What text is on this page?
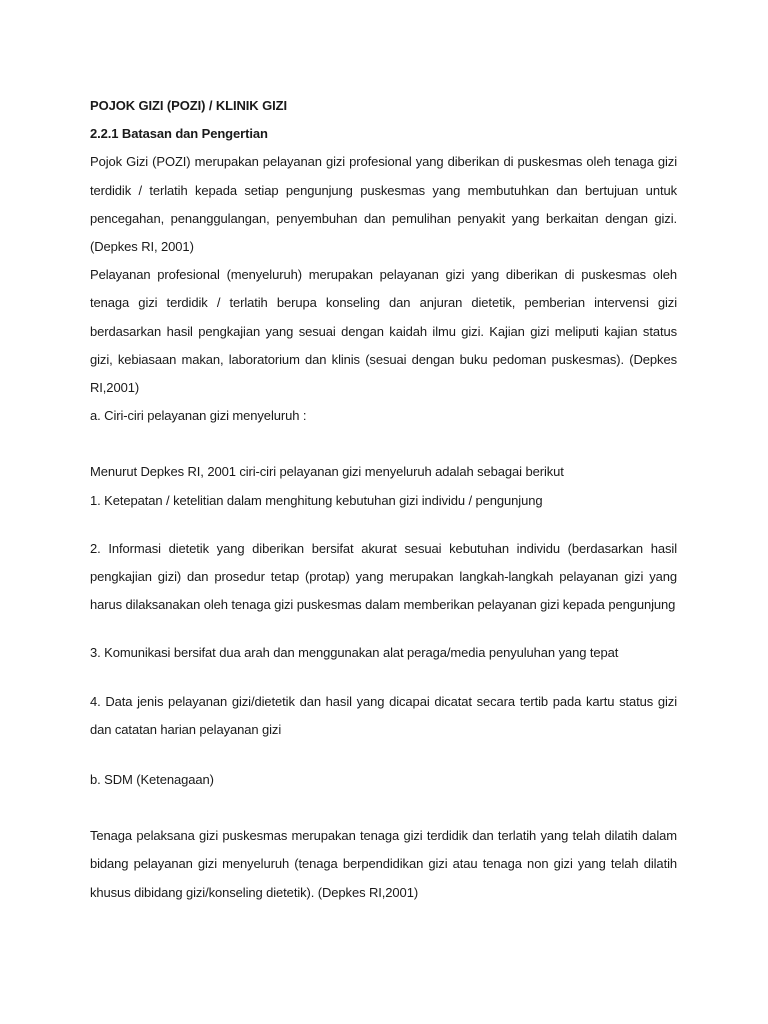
POJOK GIZI (POZI) / KLINIK GIZI

2.2.1 Batasan dan Pengertian

Pojok Gizi (POZI) merupakan pelayanan gizi profesional yang diberikan di puskesmas oleh tenaga gizi terdidik / terlatih kepada setiap pengunjung puskesmas yang membutuhkan dan bertujuan untuk pencegahan, penanggulangan, penyembuhan dan pemulihan penyakit yang berkaitan dengan gizi. (Depkes RI, 2001)

Pelayanan profesional (menyeluruh) merupakan pelayanan gizi yang diberikan di puskesmas oleh tenaga gizi terdidik / terlatih berupa konseling dan anjuran dietetik, pemberian intervensi gizi berdasarkan hasil pengkajian yang sesuai dengan kaidah ilmu gizi. Kajian gizi meliputi kajian status gizi, kebiasaan makan, laboratorium dan klinis (sesuai dengan buku pedoman puskesmas). (Depkes RI,2001)

a. Ciri-ciri pelayanan gizi menyeluruh :

Menurut Depkes RI, 2001 ciri-ciri pelayanan gizi menyeluruh adalah sebagai berikut

1. Ketepatan / ketelitian dalam menghitung kebutuhan gizi individu / pengunjung

2. Informasi dietetik yang diberikan bersifat akurat sesuai kebutuhan individu (berdasarkan hasil pengkajian gizi) dan prosedur tetap (protap) yang merupakan langkah-langkah pelayanan gizi yang harus dilaksanakan oleh tenaga gizi puskesmas dalam memberikan pelayanan gizi kepada pengunjung

3. Komunikasi bersifat dua arah dan menggunakan alat peraga/media penyuluhan yang tepat

4. Data jenis pelayanan gizi/dietetik dan hasil yang dicapai dicatat secara tertib pada kartu status gizi dan catatan harian pelayanan gizi

b. SDM (Ketenagaan)

Tenaga pelaksana gizi puskesmas merupakan tenaga gizi terdidik dan terlatih yang telah dilatih dalam bidang pelayanan gizi menyeluruh (tenaga berpendidikan gizi atau tenaga non gizi yang telah dilatih khusus dibidang gizi/konseling dietetik). (Depkes RI,2001)
